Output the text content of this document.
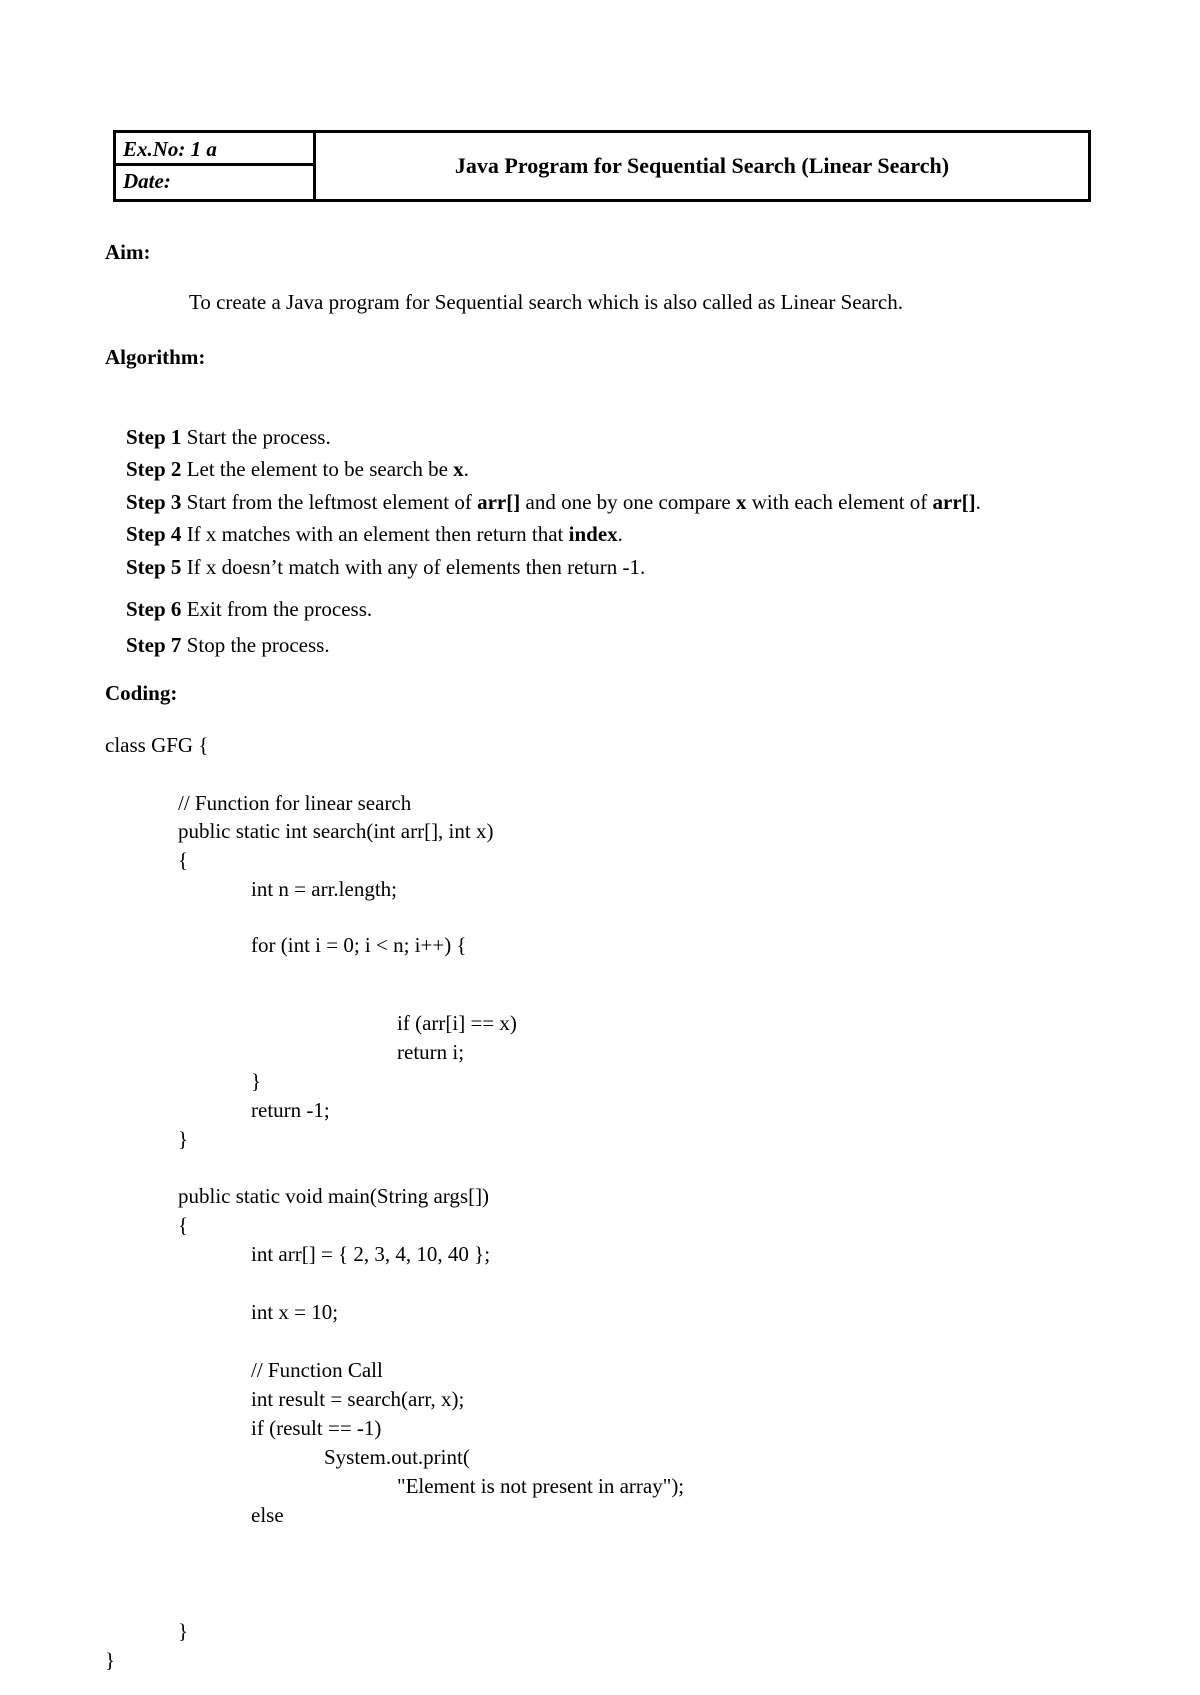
Ex.No: 1 a
Date:
Java Program for Sequential Search (Linear Search)
Aim:
To create a Java program for Sequential search which is also called as Linear Search.
Algorithm:

Step 1 Start the process.

Step 2 Let the element to be search be x.

Step 3 Start from the leftmost element of arr[] and one by one compare x with each element of arr[].

Step 4 If x matches with an element then return that index.

Step 5 If x doesn’t match with any of elements then return -1.

Step 6 Exit from the process.

Step 7 Stop the process.

Coding:
class GFG {
// Function for linear search
public static int search(int arr[], int x)
{
int n = arr.length;
for (int i = 0; i < n; i++) {
if (arr[i] == x)
return i;
}
return -1;
}
public static void main(String args[])
{
int arr[] = { 2, 3, 4, 10, 40 };
int x = 10;
// Function Call
int result = search(arr, x);
if (result == -1)
System.out.print(
"Element is not present in array");
else
}
}
